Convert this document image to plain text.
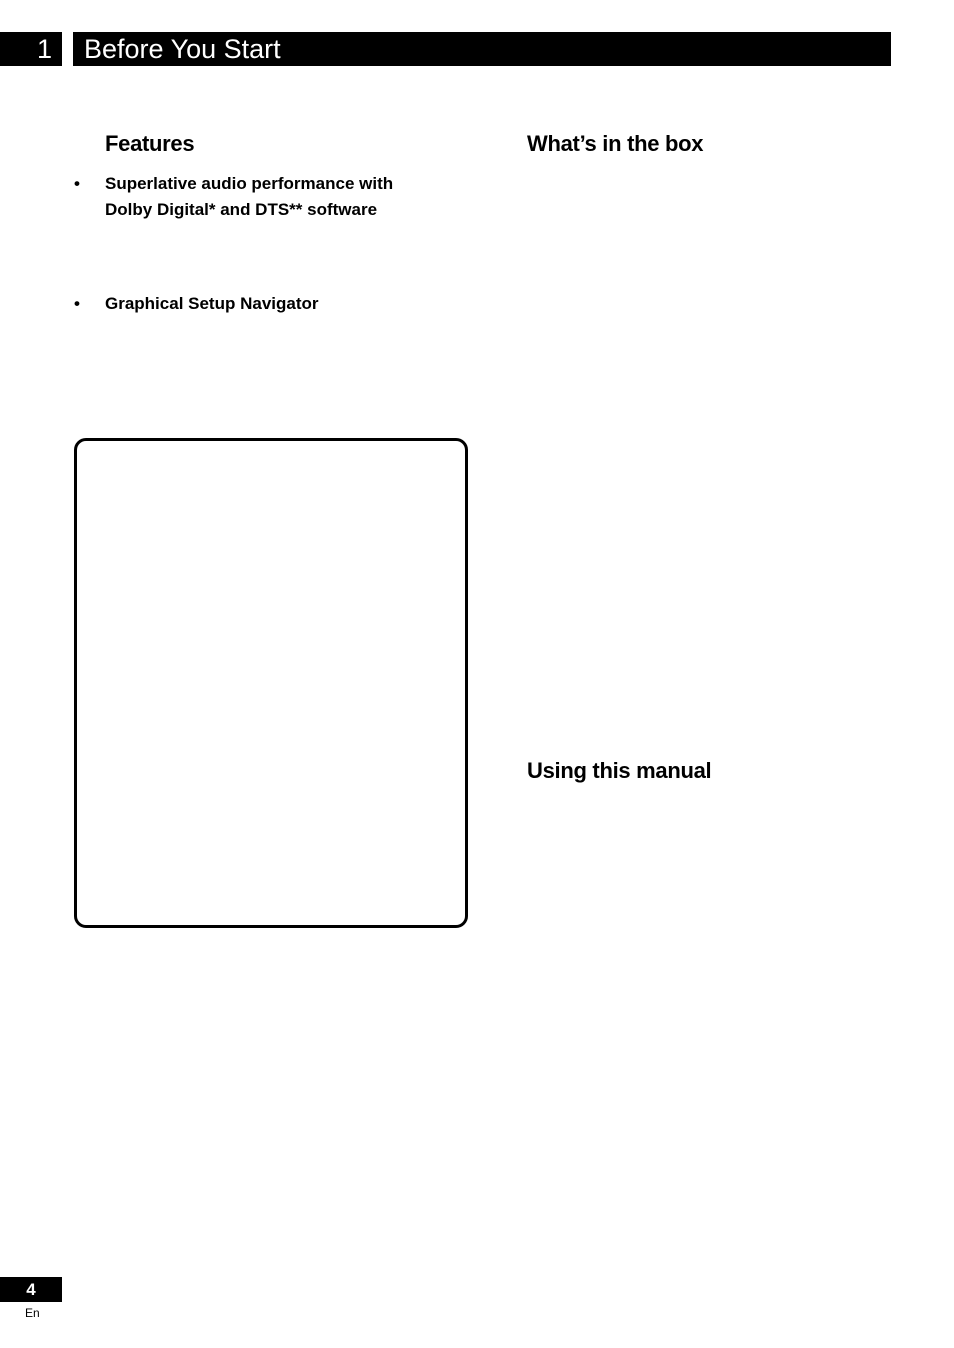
1	Before You Start
Features
• Superlative audio performance with
Dolby Digital* and DTS** software
• Graphical Setup Navigator
What’s in the box
Using this manual
4
En
